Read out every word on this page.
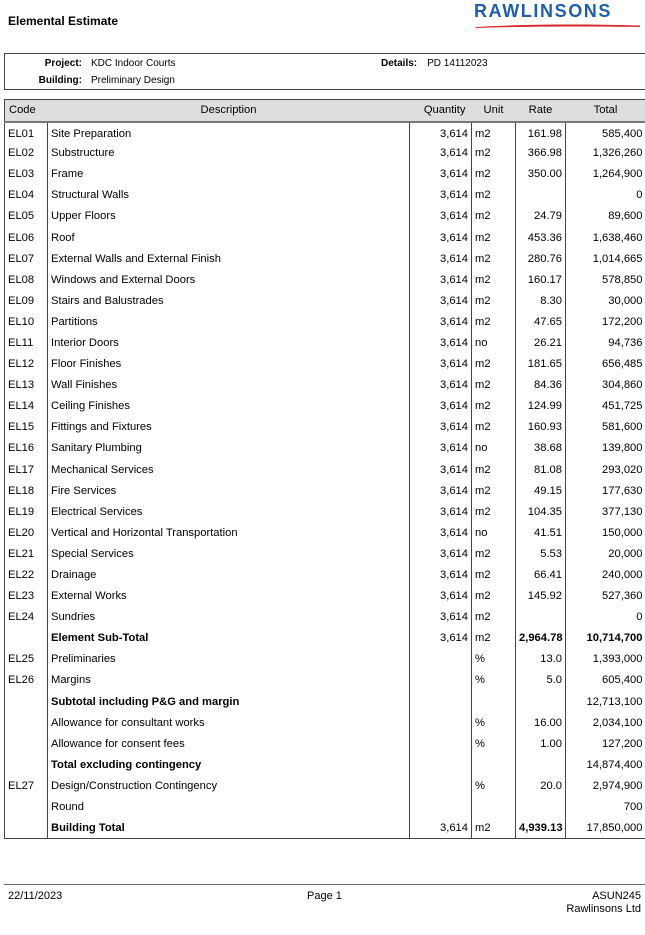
Elemental Estimate	RAWLINSONS
Project: KDC Indoor Courts
Building: Preliminary Design
Details:	PD 14112023
Code	Description	Quantity	Unit	Rate	Total
EL01	Site Preparation	3,614	m2	161.98	585,400
EL02	Substructure	3,614	m2	366.98	1,326,260
EL03	Frame	3,614	m2	350.00	1,264,900
EL04	Structural Walls	3,614	m2		0
EL05	Upper Floors	3,614	m2	24.79	89,600
EL06	Roof	3,614	m2	453.36	1,638,460
EL07	External Walls and External Finish	3,614	m2	280.76	1,014,665
EL08	Windows and External Doors	3,614	m2	160.17	578,850
EL09	Stairs and Balustrades	3,614	m2	8.30	30,000
EL10	Partitions	3,614	m2	47.65	172,200
EL11	Interior Doors	3,614	no	26.21	94,736
EL12	Floor Finishes	3,614	m2	181.65	656,485
EL13	Wall Finishes	3,614	m2	84.36	304,860
EL14	Ceiling Finishes	3,614	m2	124.99	451,725
EL15	Fittings and Fixtures	3,614	m2	160.93	581,600
EL16	Sanitary Plumbing	3,614	no	38.68	139,800
EL17	Mechanical Services	3,614	m2	81.08	293,020
EL18	Fire Services	3,614	m2	49.15	177,630
EL19	Electrical Services	3,614	m2	104.35	377,130
EL20	Vertical and Horizontal Transportation	3,614	no	41.51	150,000
EL21	Special Services	3,614	m2	5.53	20,000
EL22	Drainage	3,614	m2	66.41	240,000
EL23	External Works	3,614	m2	145.92	527,360
EL24	Sundries	3,614	m2		0
	Element Sub-Total	3,614	m2	2,964.78	10,714,700
EL25	Preliminaries		%	13.0	1,393,000
EL26	Margins		%	5.0	605,400
	Subtotal including P&G and margin				12,713,100
	Allowance for consultant works		%	16.00	2,034,100
	Allowance for consent fees		%	1.00	127,200
	Total excluding contingency				14,874,400
EL27	Design/Construction Contingency		%	20.0	2,974,900
	Round				700
	Building Total	3,614	m2	4,939.13	17,850,000
22/11/2023	Page 1	ASUN245
Rawlinsons Ltd
